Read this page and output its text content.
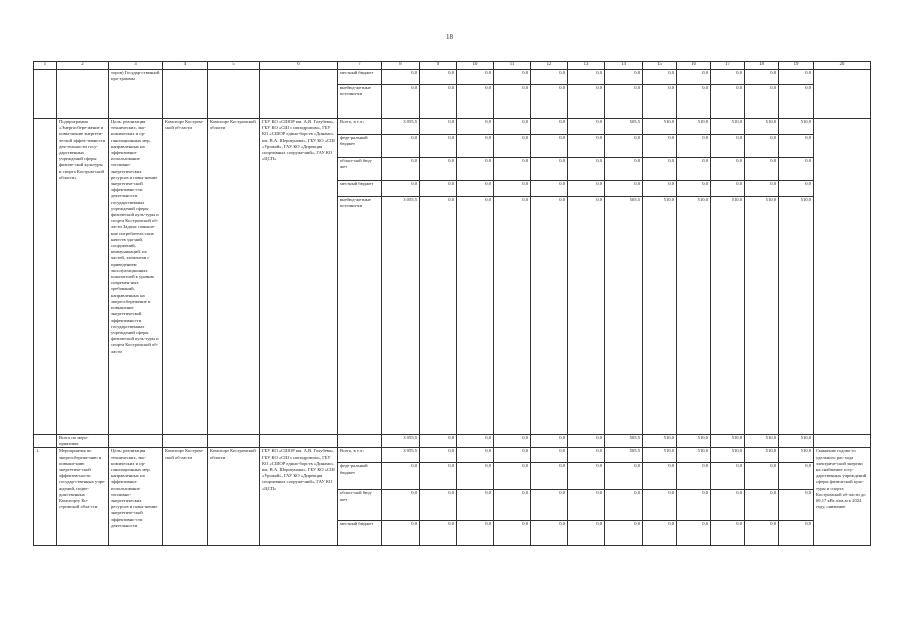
18
1	2	3	4	5	6	7	8	9	10	11	12	13	14	15	16	17	18	19	20
		торов) Государ-ственной про-граммы				местный бюджет	0,0	0,0	0,0	0,0	0,0	0,0	0,0	0,0	0,0	0,0	0,0	0,0	
						внебюд-жетные источни-ки	0,0	0,0	0,0	0,0	0,0	0,0	0,0	0,0	0,0	0,0	0,0	0,0	
	Подпрограмма «Энергосбере-жение и повы-шение энергети-ческой эффек-тивности дея-тельности госу-дарственных учреждений сферы физиче-ской культуры и спорта Костром-ской области»	Цель: реализация технических, эко-номических и ор-ганизационных мер, направленных на эффективное использование топливно-энергетических ресурсов и повы-шение энергетиче-ской эффективно-сти деятельности государственных учреждений сферы физической куль-туры и спорта Костромской об-ласти Задача: повыше-ние потребитель-ских качеств зда-ний, сооружений, коммуникаций, их частей, элементов с приведением эксплуатационных показателей к уровню современ-ных требований, направленных на энергосбережение и повышение энергетической эффективности государственных учреждений сферы физической куль-туры и спорта Костромской об-ласти	Комспорт Костром-ской об-ласти	Комспорт Костромской области	ГБУ КО «СШОР им. А.В. Голубева», ГБУ КО «СШ с ипподромом», ГБУ КО «СШОР едино-борств «Динамо» им. В.А. Шершунова», ГБУ КО «СШ «Урожай», ГАУ КО «Дирекция спортивных сооруже-ний», ГАУ КО «ЦСП»	Всего, в т.ч.:	3 055,5	0,0	0,0	0,0	0,0	0,0	505,5	510,0	510,0	510,0	510,0	510,0	
						феде-ральный бюджет	0,0	0,0	0,0	0,0	0,0	0,0	0,0	0,0	0,0	0,0	0,0	0,0	
						област-ной бюд-жет	0,0	0,0	0,0	0,0	0,0	0,0	0,0	0,0	0,0	0,0	0,0	0,0	
						местный бюджет	0,0	0,0	0,0	0,0	0,0	0,0	0,0	0,0	0,0	0,0	0,0	0,0	
						внебюд-жетные источни-ки	3 055,5	0,0	0,0	0,0	0,0	0,0	505,5	510,0	510,0	510,0	510,0	510,0	
	Всего по меро-приятиям:						3 055,5	0,0	0,0	0,0	0,0	0,0	505,5	510,0	510,0	510,0	510,0	510,0	
1.	Мероприятия по энергосбереже-нию и повыше-нию энергетиче-ской эффектив-ности государ-ственных учре-ждений, подве-домственных Комспорту Ко-стромской обла-сти	Цель: реализация технических, эко-номических и ор-ганизационных мер, направленных на эффективное использование топливно-энергетических ресурсов и повы-шение энергетиче-ской эффективно-сти деятельности	Комспорт Костром-ской об-ласти	Комспорт Костромской области	ГБУ КО «СШОР им. А.В. Голубева», ГБУ КО «СШ с ипподромом», ГБУ КО «СШОР едино-борств «Динамо» им. В.А. Шершунова», ГБУ КО «СШ «Урожай», ГАУ КО «Дирекция спортивных сооруже-ний», ГАУ КО «ЦСП»	Всего, в т.ч.:	3 055,5	0,0	0,0	0,0	0,0	0,0	505,5	510,0	510,0	510,0	510,0	510,0	Снижение годово-го удельного рас-хода электриче-ской энергии на снабжение госу-дарственных учреждений сферы физической куль-туры и спорта Костромской об-ласти до 69,17 кВт.ч/кв.м к 2024 году, снижение
						феде-ральный бюджет	0,0	0,0	0,0	0,0	0,0	0,0	0,0	0,0	0,0	0,0	0,0	0,0	
						област-ной бюд-жет	0,0	0,0	0,0	0,0	0,0	0,0	0,0	0,0	0,0	0,0	0,0	0,0	
						местный бюджет	0,0	0,0	0,0	0,0	0,0	0,0	0,0	0,0	0,0	0,0	0,0	0,0	
